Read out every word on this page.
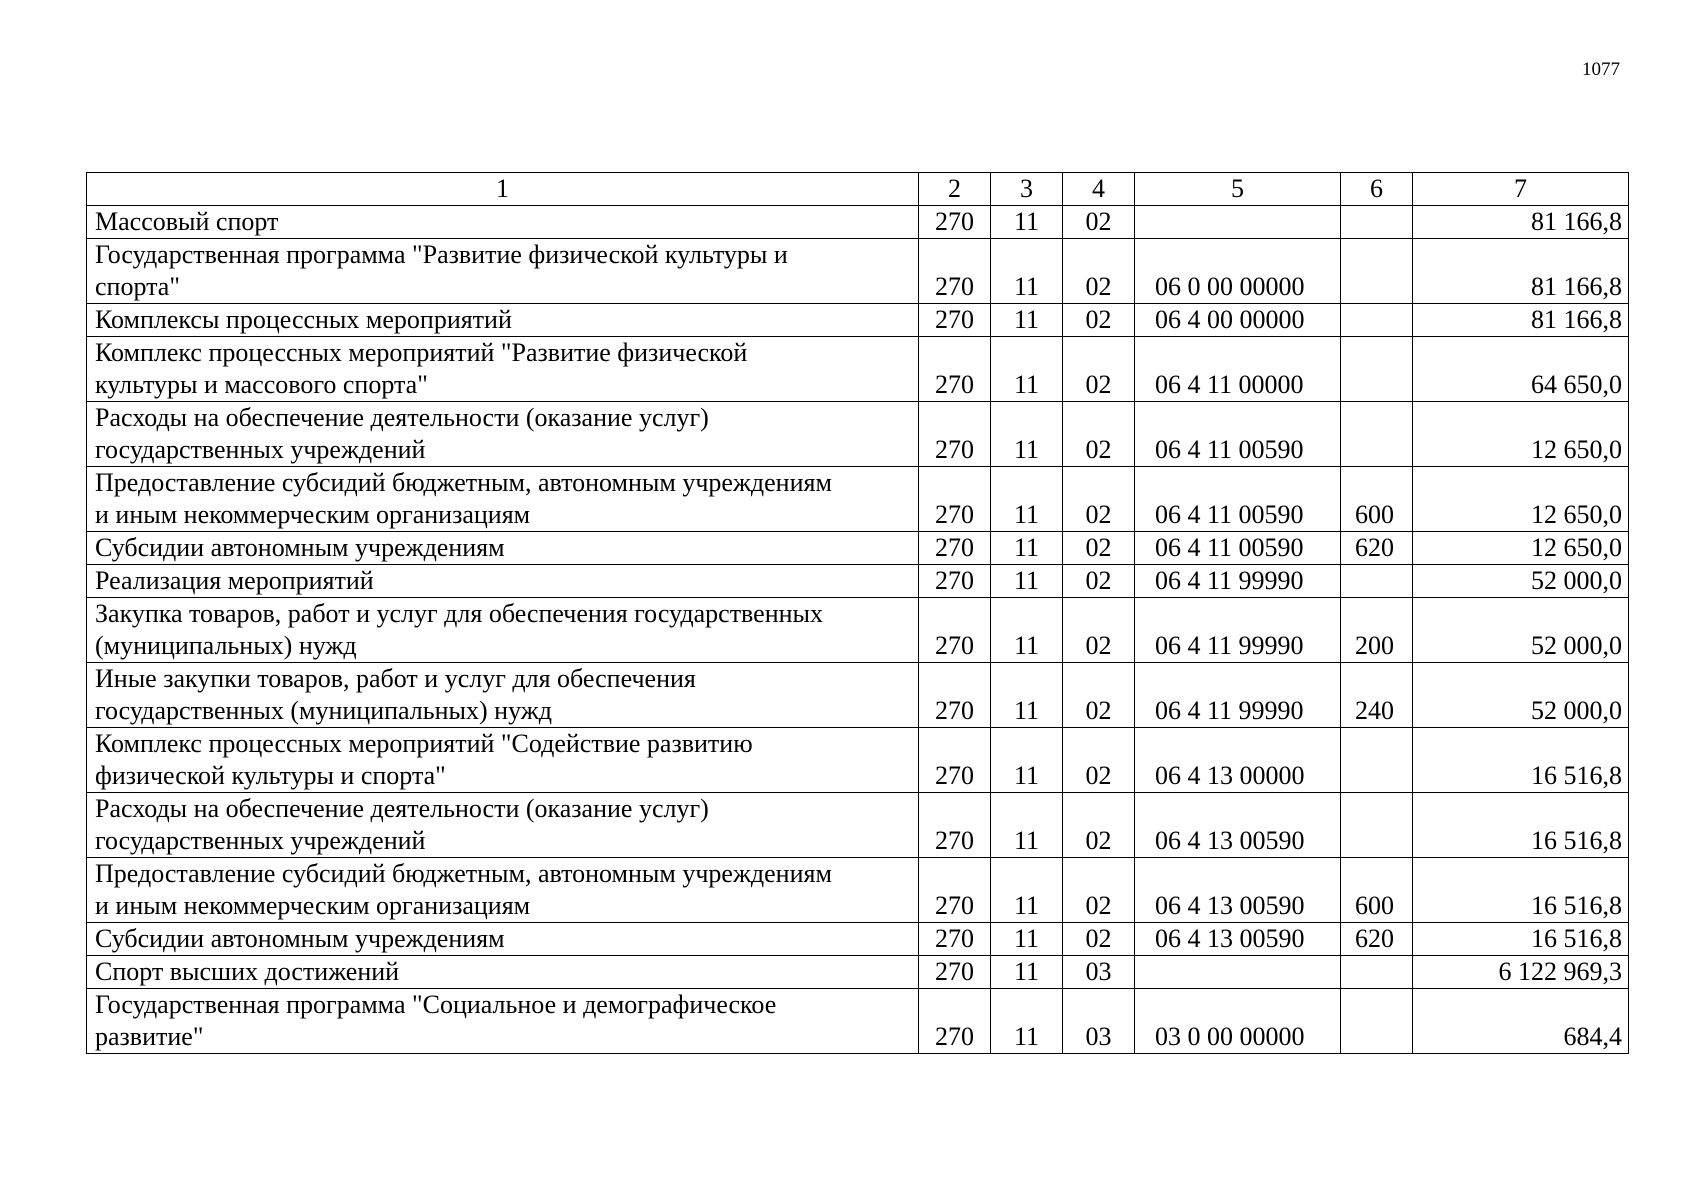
1077
1	2	3	4	5	6	7
Массовый спорт	270	11	02			81 166,8
Государственная программа "Развитие физической культуры и
спорта"	270	11	02	06 0 00 00000		81 166,8
Комплексы процессных мероприятий	270	11	02	06 4 00 00000		81 166,8
Комплекс процессных мероприятий "Развитие физической
культуры и массового спорта"	270	11	02	06 4 11 00000		64 650,0
Расходы на обеспечение деятельности (оказание услуг)
государственных учреждений	270	11	02	06 4 11 00590		12 650,0
Предоставление субсидий бюджетным, автономным учреждениям
и иным некоммерческим организациям	270	11	02	06 4 11 00590	600	12 650,0
Субсидии автономным учреждениям	270	11	02	06 4 11 00590	620	12 650,0
Реализация мероприятий	270	11	02	06 4 11 99990		52 000,0
Закупка товаров, работ и услуг для обеспечения государственных
(муниципальных) нужд	270	11	02	06 4 11 99990	200	52 000,0
Иные закупки товаров, работ и услуг для обеспечения
государственных (муниципальных) нужд	270	11	02	06 4 11 99990	240	52 000,0
Комплекс процессных мероприятий "Содействие развитию
физической культуры и спорта"	270	11	02	06 4 13 00000		16 516,8
Расходы на обеспечение деятельности (оказание услуг)
государственных учреждений	270	11	02	06 4 13 00590		16 516,8
Предоставление субсидий бюджетным, автономным учреждениям
и иным некоммерческим организациям	270	11	02	06 4 13 00590	600	16 516,8
Субсидии автономным учреждениям	270	11	02	06 4 13 00590	620	16 516,8
Спорт высших достижений	270	11	03			6 122 969,3
Государственная программа "Социальное и демографическое
развитие"	270	11	03	03 0 00 00000		684,4
